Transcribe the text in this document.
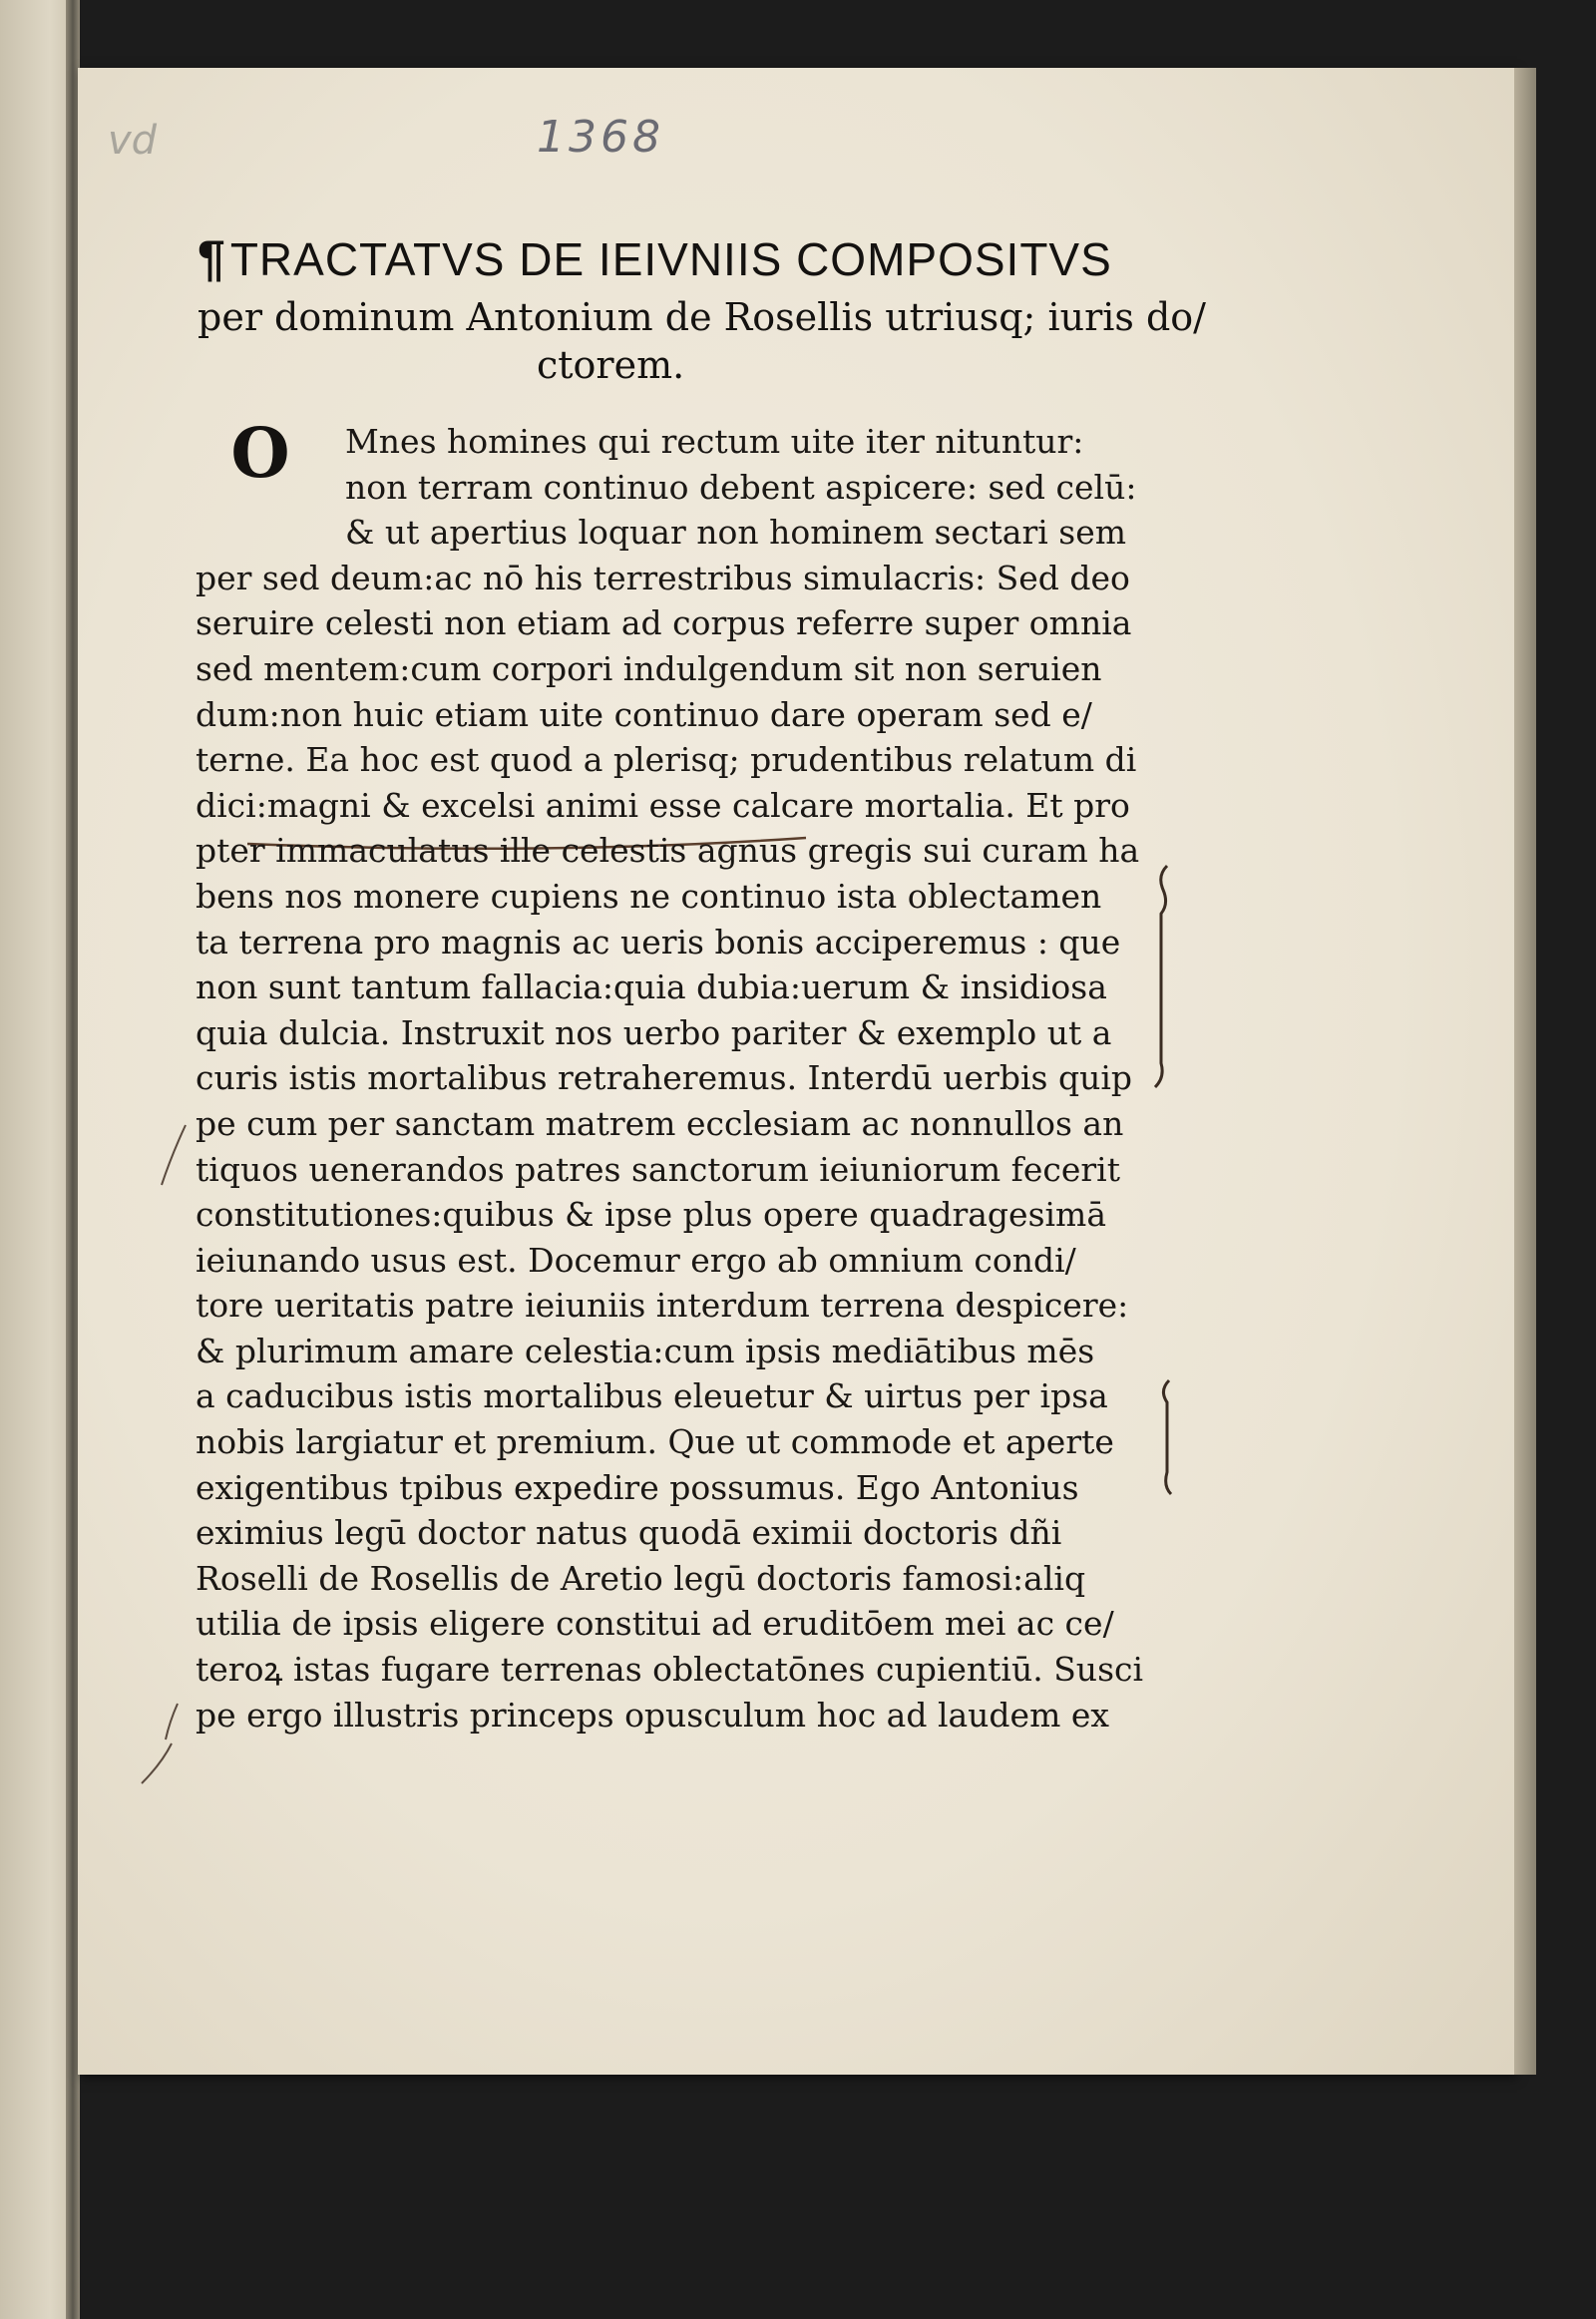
vd	1368
¶TRACTATVS DE IEIVNIIS COMPOSITVS
per dominum Antonium de Rosellis utriusq; iuris do/
ctorem.
O	Mnes homines qui rectum uite iter nituntur:
non terram continuo debent aspicere: sed celū:
& ut apertius loquar non hominem sectari sem
per sed deum:ac nō his terrestribus simulacris: Sed deo
seruire celesti non etiam ad corpus referre super omnia
sed mentem:cum corpori indulgendum sit non seruien
dum:non huic etiam uite continuo dare operam sed e/
terne. Ea hoc est quod a plerisq; prudentibus relatum di
dici:magni & excelsi animi esse calcare mortalia. Et pro
pter immaculatus ille celestis agnus gregis sui curam ha
bens nos monere cupiens ne continuo ista oblectamen
ta terrena pro magnis ac ueris bonis acciperemus : que
non sunt tantum fallacia:quia dubia:uerum & insidiosa
quia dulcia. Instruxit nos uerbo pariter & exemplo ut a
curis istis mortalibus retraheremus. Interdū uerbis quip
pe cum per sanctam matrem ecclesiam ac nonnullos an
tiquos uenerandos patres sanctorum ieiuniorum fecerit
constitutiones:quibus & ipse plus opere quadragesimā
ieiunando usus est. Docemur ergo ab omnium condi/
tore ueritatis patre ieiuniis interdum terrena despicere:
& plurimum amare celestia:cum ipsis mediātibus mēs
a caducibus istis mortalibus eleuetur & uirtus per ipsa
nobis largiatur et premium. Que ut commode et aperte
exigentibus tpibus expedire possumus. Ego Antonius
eximius legū doctor natus quodā eximii doctoris dñi
Roselli de Rosellis de Aretio legū doctoris famosi:aliq
utilia de ipsis eligere constitui ad eruditōem mei ac ce/
teroꝝ istas fugare terrenas oblectatōnes cupientiū. Susci
pe ergo illustris princeps opusculum hoc ad laudem ex
